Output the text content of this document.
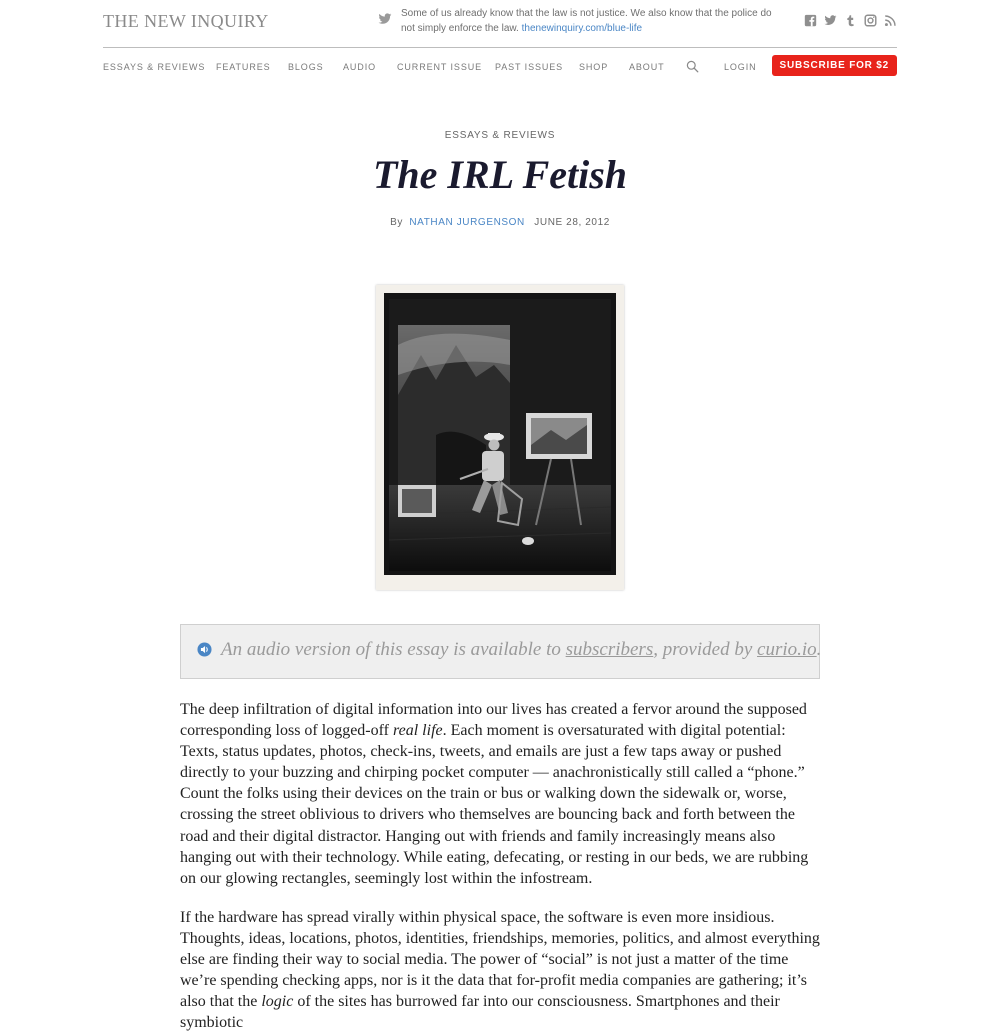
THE NEW INQUIRY	Some of us already know that the law is not justice. We also know that the police do not simply enforce the law. thenewinquiry.com/blue-life
ESSAYS & REVIEWS FEATURES BLOGS AUDIO CURRENT ISSUE PAST ISSUES SHOP ABOUT	LOGIN	SUBSCRIBE FOR $2
ESSAYS & REVIEWS
The IRL Fetish
By NATHAN JURGENSON JUNE 28, 2012
An audio version of this essay is available to subscribers, provided by curio.io.

The deep infiltration of digital information into our lives has created a fervor around the supposed corresponding loss of logged-off real life. Each moment is oversaturated with digital potential: Texts, status updates, photos, check-ins, tweets, and emails are just a few taps away or pushed directly to your buzzing and chirping pocket computer — anachronistically still called a “phone.” Count the folks using their devices on the train or bus or walking down the sidewalk or, worse, crossing the street oblivious to drivers who themselves are bouncing back and forth between the road and their digital distractor. Hanging out with friends and family increasingly means also hanging out with their technology. While eating, defecating, or resting in our beds, we are rubbing on our glowing rectangles, seemingly lost within the infostream.

If the hardware has spread virally within physical space, the software is even more insidious. Thoughts, ideas, locations, photos, identities, friendships, memories, politics, and almost everything else are finding their way to social media. The power of “social” is not just a matter of the time we’re spending checking apps, nor is it the data that for-profit media companies are gathering; it’s also that the logic of the sites has burrowed far into our consciousness. Smartphones and their symbiotic
